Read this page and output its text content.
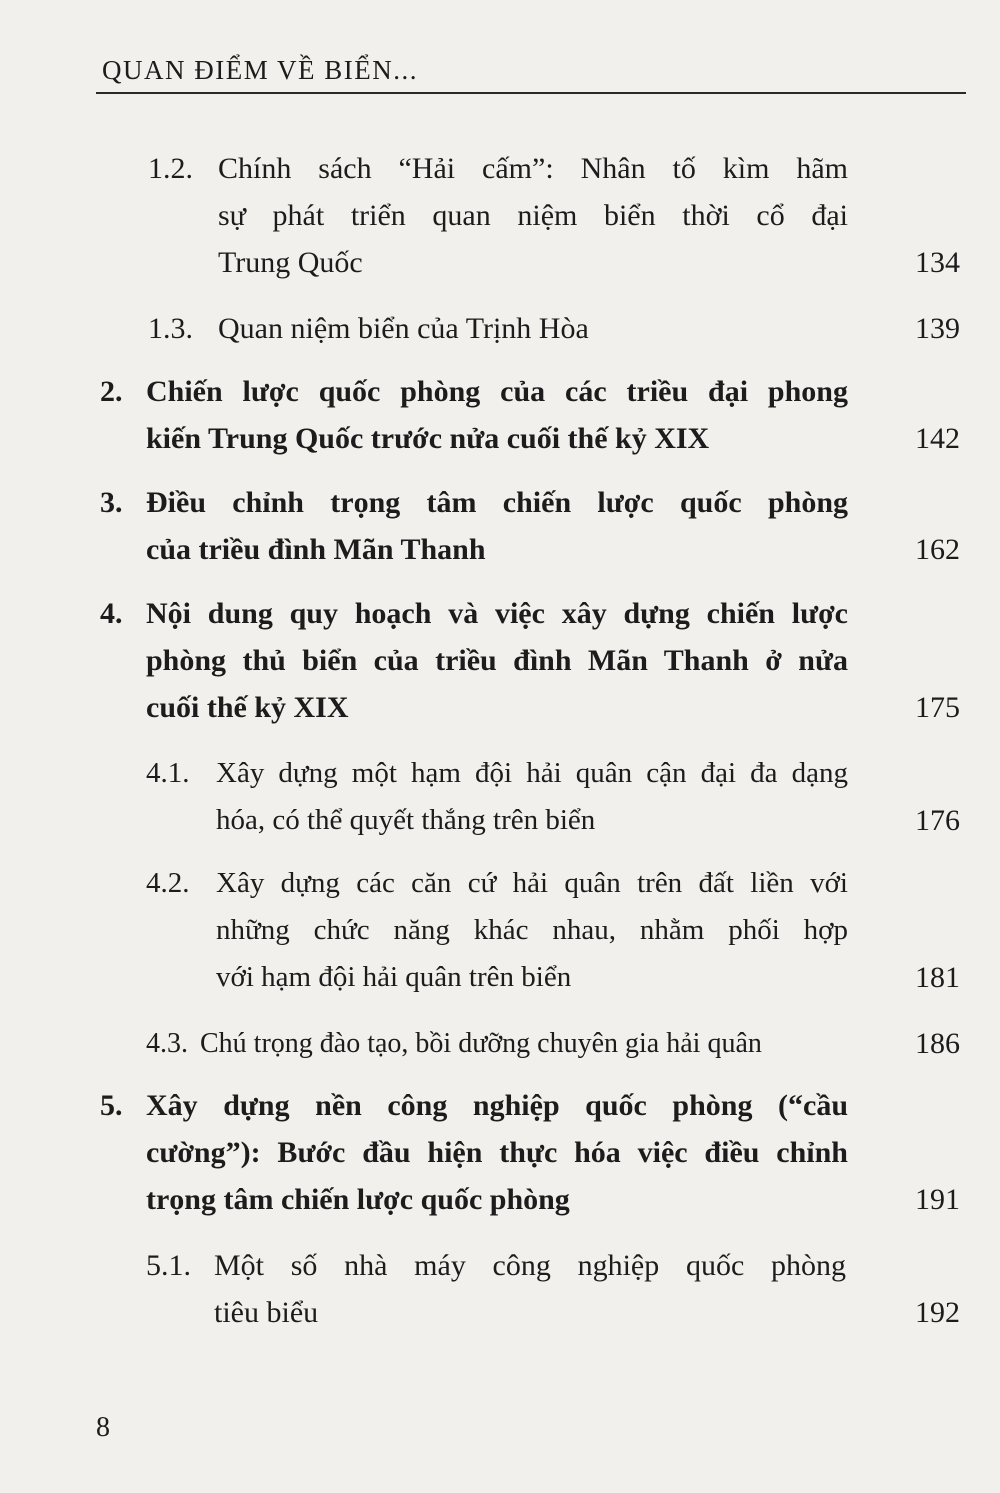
QUAN ĐIỂM VỀ BIỂN...
1.2. Chính sách “Hải cấm”: Nhân tố kìm hãm
sự phát triển quan niệm biển thời cổ đại
Trung Quốc	134
1.3. Quan niệm biển của Trịnh Hòa	139
2. Chiến lược quốc phòng của các triều đại phong
kiến Trung Quốc trước nửa cuối thế kỷ XIX	142
3. Điều chỉnh trọng tâm chiến lược quốc phòng
của triều đình Mãn Thanh	162
4. Nội dung quy hoạch và việc xây dựng chiến lược
phòng thủ biển của triều đình Mãn Thanh ở nửa
cuối thế kỷ XIX	175
4.1. Xây dựng một hạm đội hải quân cận đại đa dạng
hóa, có thể quyết thắng trên biển	176
4.2. Xây dựng các căn cứ hải quân trên đất liền với
những chức năng khác nhau, nhằm phối hợp
với hạm đội hải quân trên biển	181
4.3. Chú trọng đào tạo, bồi dưỡng chuyên gia hải quân	186
5. Xây dựng nền công nghiệp quốc phòng (“cầu
cường”): Bước đầu hiện thực hóa việc điều chỉnh
trọng tâm chiến lược quốc phòng	191
5.1. Một số nhà máy công nghiệp quốc phòng
tiêu biểu	192
8
